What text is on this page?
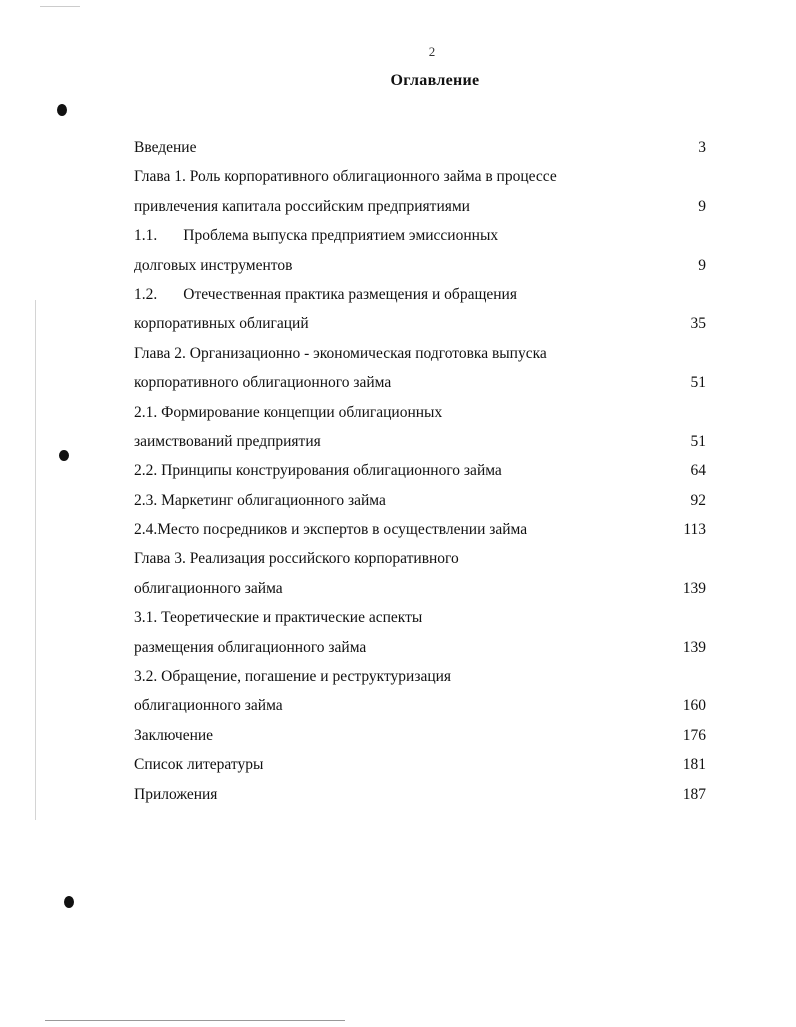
2
Оглавление
Введение	3
Глава 1. Роль корпоративного облигационного займа в процессе
привлечения капитала российским предприятиями	9
1.1. Проблема выпуска предприятием эмиссионных
долговых инструментов	9
1.2. Отечественная практика размещения и обращения
корпоративных облигаций	35
Глава 2. Организационно - экономическая подготовка выпуска
корпоративного облигационного займа	51
2.1. Формирование концепции облигационных
заимствований предприятия	51
2.2. Принципы конструирования облигационного займа	64
2.3. Маркетинг облигационного займа	92
2.4.Место посредников и экспертов в осуществлении займа	113
Глава 3. Реализация российского корпоративного
облигационного займа	139
3.1. Теоретические и практические аспекты
размещения облигационного займа	139
3.2. Обращение, погашение и реструктуризация
облигационного займа	160
Заключение	176
Список литературы	181
Приложения	187
